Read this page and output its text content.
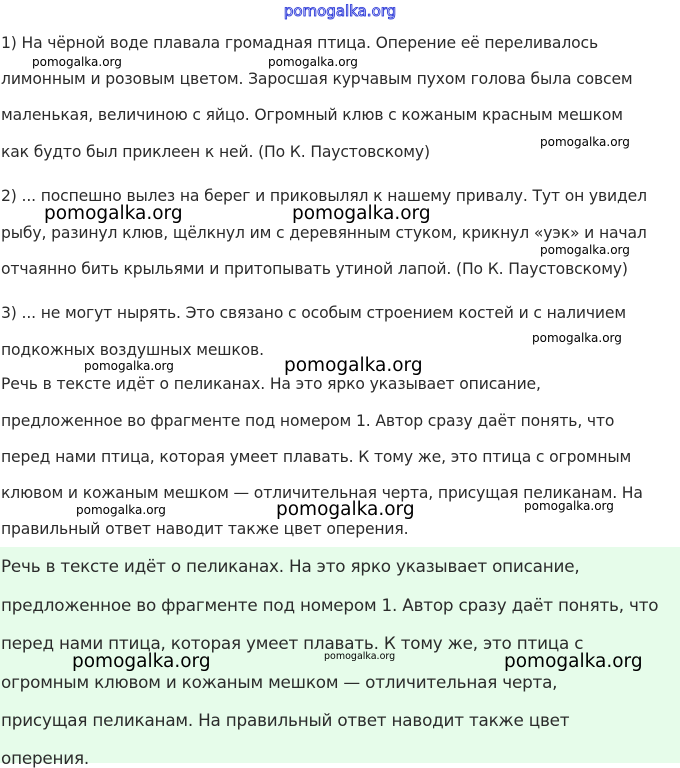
pomogalka.org

1) На чёрной воде плавала громадная птица. Оперение её переливалось

лимонным и розовым цветом. Заросшая курчавым пухом голова была совсем

маленькая, величиною с яйцо. Огромный клюв с кожаным красным мешком

как будто был приклеен к ней. (По К. Паустовскому)

2) ... поспешно вылез на берег и приковылял к нашему привалу. Тут он увидел

рыбу, разинул клюв, щёлкнул им с деревянным стуком, крикнул «уэк» и начал

отчаянно бить крыльями и притопывать утиной лапой. (По К. Паустовскому)

3) ... не могут нырять. Это связано с особым строением костей и с наличием

подкожных воздушных мешков.

Речь в тексте идёт о пеликанах. На это ярко указывает описание,

предложенное во фрагменте под номером 1. Автор сразу даёт понять, что

перед нами птица, которая умеет плавать. К тому же, это птица с огромным

клювом и кожаным мешком — отличительная черта, присущая пеликанам. На

правильный ответ наводит также цвет оперения.

Речь в тексте идёт о пеликанах. На это ярко указывает описание,

предложенное во фрагменте под номером 1. Автор сразу даёт понять, что

перед нами птица, которая умеет плавать. К тому же, это птица с

огромным клювом и кожаным мешком — отличительная черта,

присущая пеликанам. На правильный ответ наводит также цвет

оперения.

pomogalka.org	pomogalka.org
pomogalka.org
pomogalka.org	pomogalka.org
pomogalka.org
pomogalka.org
pomogalka.org
pomogalka.org
pomogalka.org
pomogalka.org	pomogalka.org
pomogalka.org	pomogalka.org	pomogalka.org
